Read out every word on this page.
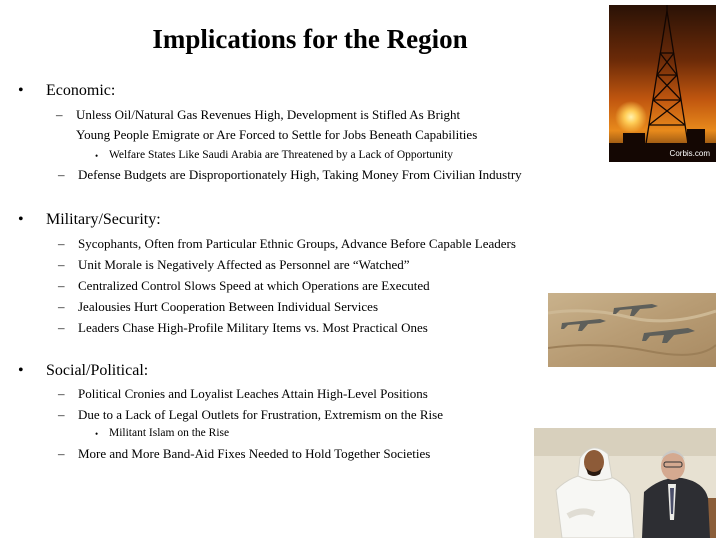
Implications for the Region
Corbis.com
• Economic:
– Unless Oil/Natural Gas Revenues High, Development is Stifled As Bright
Young People Emigrate or Are Forced to Settle for Jobs Beneath Capabilities
• Welfare States Like Saudi Arabia are Threatened by a Lack of Opportunity
– Defense Budgets are Disproportionately High, Taking Money From Civilian Industry
• Military/Security:
– Sycophants, Often from Particular Ethnic Groups, Advance Before Capable Leaders
– Unit Morale is Negatively Affected as Personnel are “Watched”
– Centralized Control Slows Speed at which Operations are Executed
– Jealousies Hurt Cooperation Between Individual Services
– Leaders Chase High-Profile Military Items vs. Most Practical Ones
• Social/Political:
– Political Cronies and Loyalist Leaches Attain High-Level Positions
– Due to a Lack of Legal Outlets for Frustration, Extremism on the Rise
• Militant Islam on the Rise
– More and More Band-Aid Fixes Needed to Hold Together Societies
